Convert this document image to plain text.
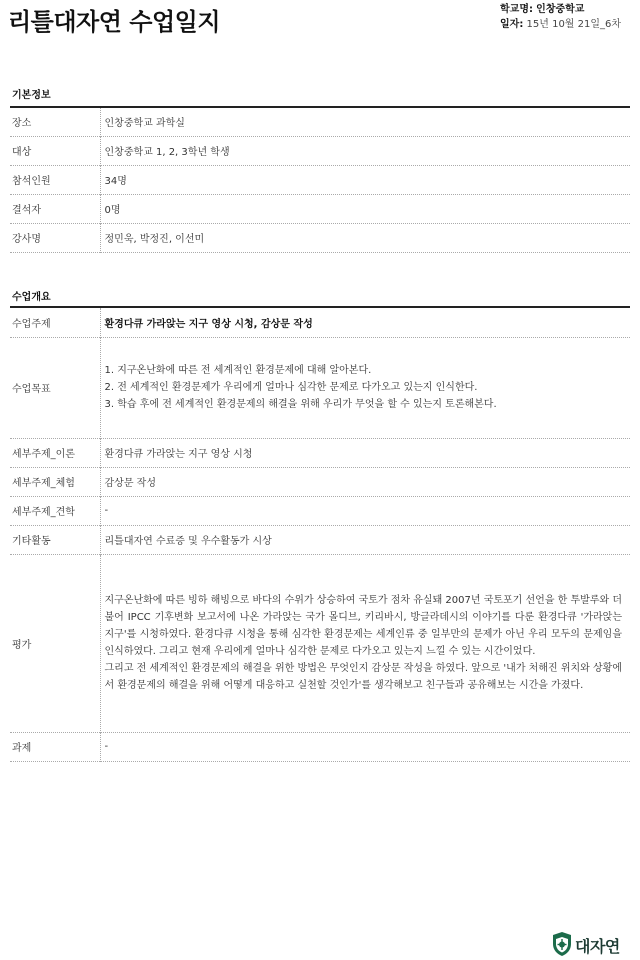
리틀대자연 수업일지	학교명: 인창중학교
일자: 15년 10월 21일_6차
기본정보
장소	인창중학교 과학실
대상	인창중학교 1, 2, 3학년 학생
참석인원	34명
결석자	0명
강사명	정민욱, 박정진, 이선미
수업개요
수업주제	환경다큐 가라앉는 지구 영상 시청, 감상문 작성
수업목표	1. 지구온난화에 따른 전 세계적인 환경문제에 대해 알아본다.
2. 전 세계적인 환경문제가 우리에게 얼마나 심각한 문제로 다가오고 있는지 인식한다.
3. 학습 후에 전 세계적인 환경문제의 해결을 위해 우리가 무엇을 할 수 있는지 토론해본다.

세부주제_이론	환경다큐 가라앉는 지구 영상 시청
세부주제_체험	감상문 작성
세부주제_견학	-
기타활동	리틀대자연 수료증 및 우수활동가 시상
평가	지구온난화에 따른 빙하 해빙으로 바다의 수위가 상승하여 국토가 점차 유실돼 2007년 국토포기 선언을 한 투발루와 더불어 IPCC 기후변화 보고서에 나온 가라앉는 국가 몰디브, 키리바시, 방글라데시의 이야기를 다룬 환경다큐 '가라앉는 지구'를 시청하였다. 환경다큐 시청을 통해 심각한 환경문제는 세계인류 중 일부만의 문제가 아닌 우리 모두의 문제임을 인식하였다. 그리고 현재 우리에게 얼마나 심각한 문제로 다가오고 있는지 느낄 수 있는 시간이었다.
그리고 전 세계적인 환경문제의 해결을 위한 방법은 무엇인지 감상문 작성을 하였다. 앞으로 '내가 처해진 위치와 상황에서 환경문제의 해결을 위해 어떻게 대응하고 실천할 것인가'를 생각해보고 친구들과 공유해보는 시간을 가졌다.

과제	-
대자연
